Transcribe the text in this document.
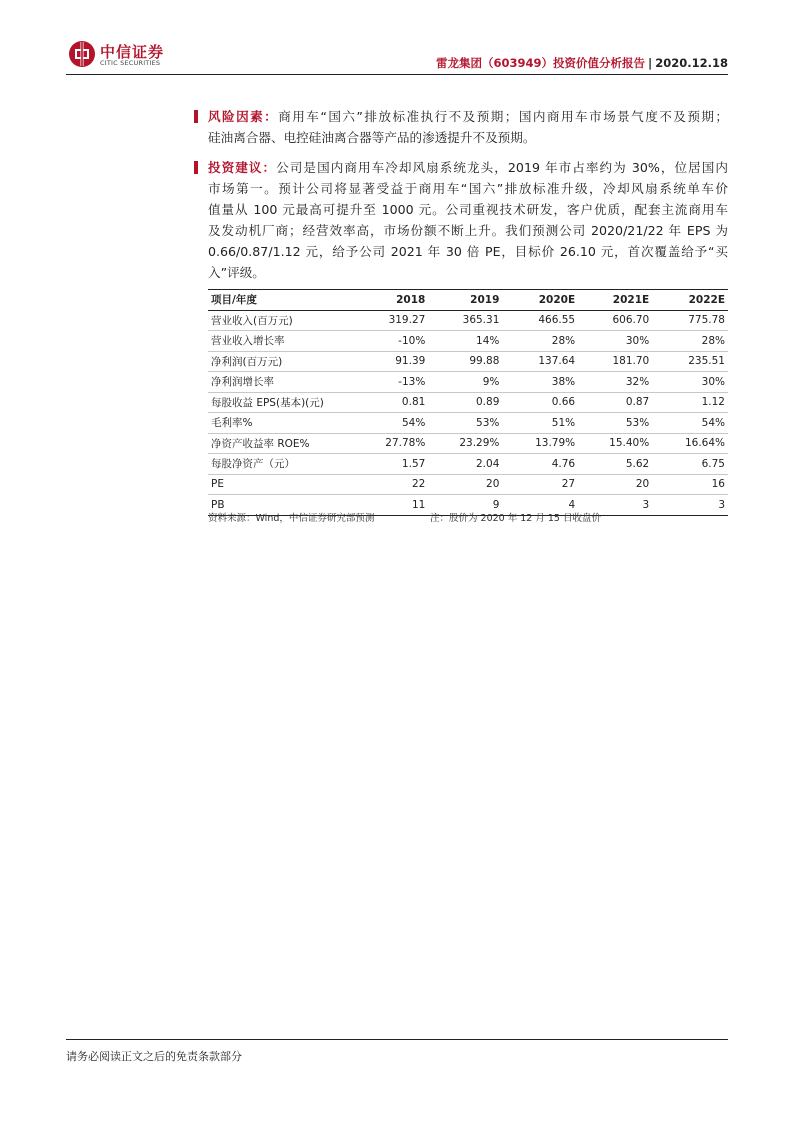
中信证券
CITIC SECURITIES	雷龙集团（603949）投资价值分析报告 | 2020.12.18
风险因素：商用车“国六”排放标准执行不及预期；国内商用车市场景气度不及预期；
硅油离合器、电控硅油离合器等产品的渗透提升不及预期。
投资建议：公司是国内商用车冷却风扇系统龙头，2019 年市占率约为 30%，位居国内
市场第一。预计公司将显著受益于商用车“国六”排放标准升级，冷却风扇系统单车价
值量从 100 元最高可提升至 1000 元。公司重视技术研发，客户优质，配套主流商用车
及发动机厂商；经营效率高，市场份额不断上升。我们预测公司 2020/21/22 年 EPS 为
0.66/0.87/1.12 元，给予公司 2021 年 30 倍 PE，目标价 26.10 元，首次覆盖给予“买
入”评级。
项目/年度	2018	2019	2020E	2021E	2022E
营业收入(百万元)	319.27	365.31	466.55	606.70	775.78
营业收入增长率	-10%	14%	28%	30%	28%
净利润(百万元)	91.39	99.88	137.64	181.70	235.51
净利润增长率	-13%	9%	38%	32%	30%
每股收益 EPS(基本)(元)	0.81	0.89	0.66	0.87	1.12
毛利率%	54%	53%	51%	53%	54%
净资产收益率 ROE%	27.78%	23.29%	13.79%	15.40%	16.64%
每股净资产（元）	1.57	2.04	4.76	5.62	6.75
PE	22	20	27	20	16
PB	11	9	4	3	3
资料来源：Wind，中信证券研究部预测	注：股价为 2020 年 12 月 15 日收盘价
请务必阅读正文之后的免责条款部分
